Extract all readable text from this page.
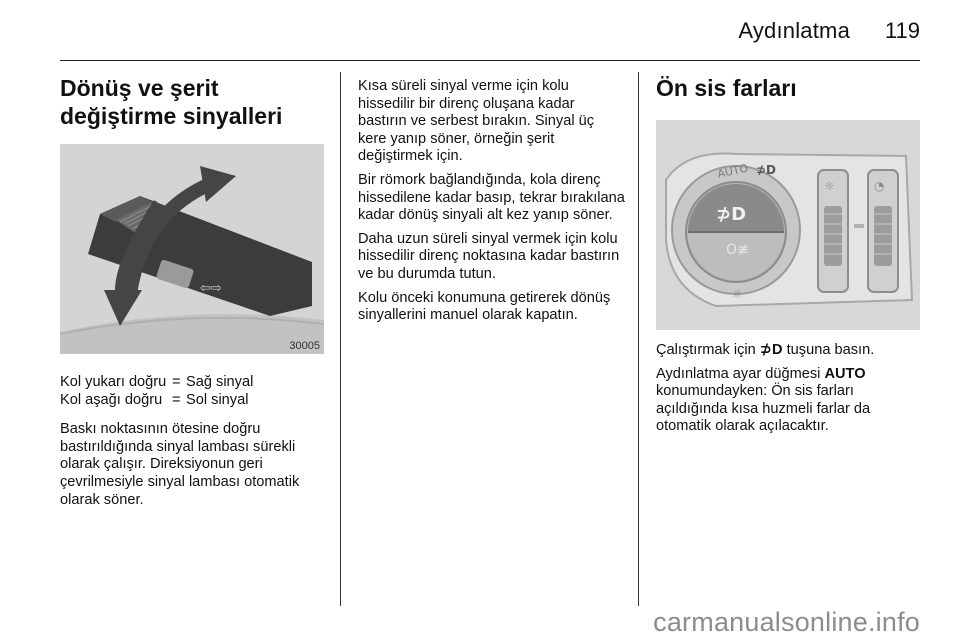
Aydınlatma 119
Dönüş ve şerit değiştirme sinyalleri
⇦⇨
30005
Kol yukarı doğru = Sağ sinyal
Kol aşağı doğru = Sol sinyal

Baskı noktasının ötesine doğru bastırıldığında sinyal lambası sürekli olarak çalışır. Direksiyonun geri çevrilmesiyle sinyal lambası otomatik olarak söner.

Kısa süreli sinyal verme için kolu hissedilir bir direnç oluşana kadar bastırın ve serbest bırakın. Sinyal üç kere yanıp söner, örneğin şerit değiştirmek için.

Bir römork bağlandığında, kola direnç hissedilene kadar basıp, tekrar bırakılana kadar dönüş sinyali alt kez yanıp söner.

Daha uzun süreli sinyal vermek için kolu hissedilir direnç noktasına kadar bastırın ve bu durumda tutun.

Kolu önceki konumuna getirerek dönüş sinyallerini manuel olarak kapatın.

Ön sis farları
⊅D
O≢
AUTO ⊅D
☼
☼	◔

Çalıştırmak için ⊅D tuşuna basın.

Aydınlatma ayar düğmesi AUTO konumundayken: Ön sis farları açıldığında kısa huzmeli farlar da otomatik olarak açılacaktır.

carmanualsonline.info
